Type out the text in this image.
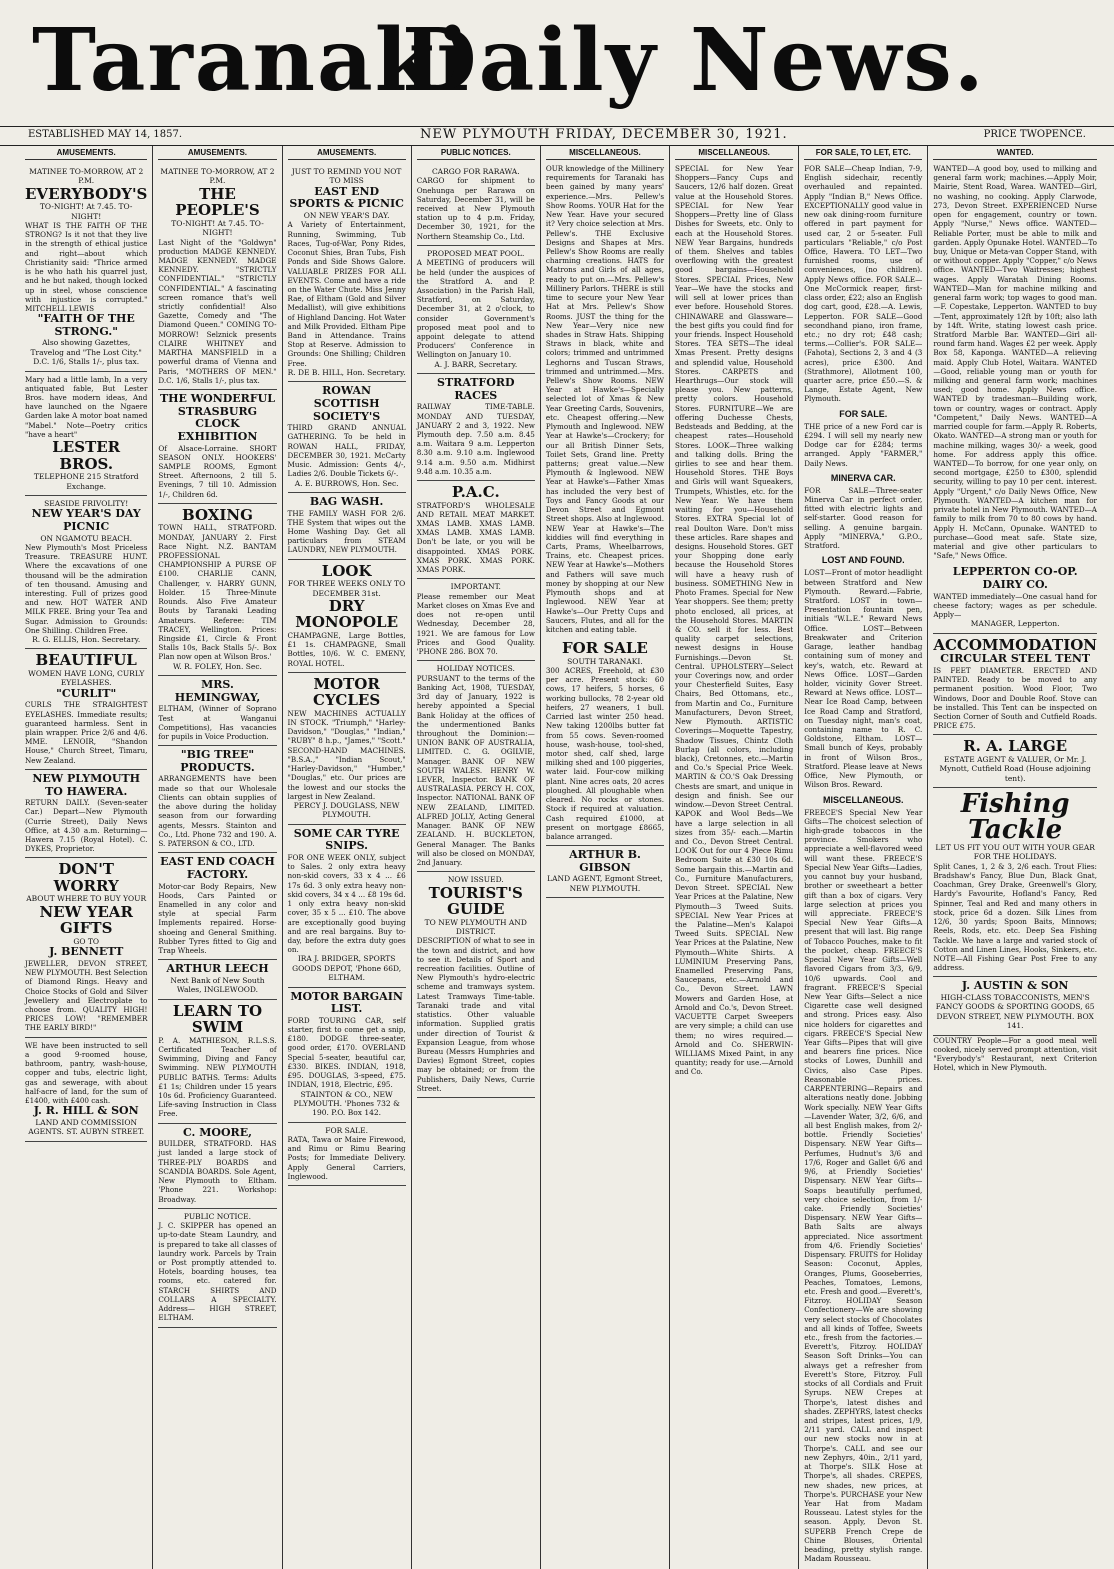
Taranaki
Daily News.
ESTABLISHED MAY 14, 1857.	NEW PLYMOUTH FRIDAY, DECEMBER 30, 1921.	PRICE TWOPENCE.
AMUSEMENTS.
MATINEE TO-MORROW, AT 2 P.M.
EVERYBODY'S
TO-NIGHT! At 7.45. TO-NIGHT!
WHAT IS THE FAITH OF THE STRONG? Is it not that they live in the strength of ethical justice and right—about which Christianity said: "Thrice armed is he who hath his quarrel just, and he but naked, though locked up in steel, whose conscience with injustice is corrupted." MITCHELL LEWIS
"FAITH OF THE STRONG."
Also showing Gazettes, Travelog and "The Lost City." D.C. 1/6, Stalls 1/-, plus tax.
Mary had a little lamb, In a very antiquated fable, But Lester Bros. have modern ideas, And have launched on the Ngaere Garden lake A motor boat named "Mabel." Note—Poetry critics "have a heart"
LESTER BROS.
TELEPHONE 215 Stratford Exchange.
SEASIDE FRIVOLITY!
NEW YEAR'S DAY PICNIC
ON NGAMOTU BEACH.
New Plymouth's Most Priceless Treasure. TREASURE HUNT. Where the excavations of one thousand will be the admiration of ten thousand. Amusing and interesting. Full of prizes good and new. HOT WATER AND MILK FREE. Bring your Tea and Sugar. Admission to Grounds: One Shilling. Children Free.
R. G. ELLIS, Hon. Secretary.
BEAUTIFUL
WOMEN HAVE LONG, CURLY EYELASHES.
"CURLIT"
CURLS THE STRAIGHTEST EYELASHES. Immediate results; guaranteed harmless. Sent in plain wrapper. Price 2/6 and 4/6. MME. LENOIR, "Shandon House," Church Street, Timaru, New Zealand.
NEW PLYMOUTH TO HAWERA.
RETURN DAILY. (Seven-seater Car.) Depart—New Plymouth (Currie Street), Daily News Office, at 4.30 a.m. Returning—Hawera 7.15 (Royal Hotel). C. DYKES, Proprietor.
DON'T WORRY
ABOUT WHERE TO BUY YOUR
NEW YEAR GIFTS
GO TO
J. BENNETT
JEWELLER, DEVON STREET, NEW PLYMOUTH. Best Selection of Diamond Rings. Heavy and Choice Stocks of Gold and Silver Jewellery and Electroplate to choose from. QUALITY HIGH! PRICES LOW! "REMEMBER THE EARLY BIRD!"
WE have been instructed to sell a good 9-roomed house, bathroom, pantry, wash-house, copper and tubs, electric light, gas and sewerage, with about half-acre of land, for the sum of £1400, with £400 cash.
J. R. HILL & SON
LAND AND COMMISSION AGENTS. ST. AUBYN STREET.
AMUSEMENTS.
MATINEE TO-MORROW, AT 2 P.M.
THE PEOPLE'S
TO-NIGHT! At 7.45. TO-NIGHT!
Last Night of the "Goldwyn" production MADGE KENNEDY. MADGE KENNEDY. MADGE KENNEDY. "STRICTLY CONFIDENTIAL." "STRICTLY CONFIDENTIAL." A fascinating screen romance that's well strictly confidential! Also Gazette, Comedy and "The Diamond Queen." COMING TO-MORROW! Selznick presents CLAIRE WHITNEY and MARTHA MANSFIELD in a powerful drama of Vienna and Paris, "MOTHERS OF MEN." D.C. 1/6, Stalls 1/-, plus tax.
THE WONDERFUL STRASBURG CLOCK EXHIBITION
Of Alsace-Lorraine. SHORT SEASON ONLY. HOOKERS' SAMPLE ROOMS, Egmont Street. Afternoons, 2 till 5. Evenings, 7 till 10. Admission 1/-, Children 6d.
BOXING
TOWN HALL, STRATFORD. MONDAY, JANUARY 2. First Race Night. N.Z. BANTAM PROFESSIONAL CHAMPIONSHIP A PURSE OF £100. CHARLIE CANN, Challenger, v. HARRY GUNN, Holder. 15 Three-Minute Rounds. Also Five Amateur Bouts by Taranaki Leading Amateurs. Referee: TIM TRACEY, Wellington. Prices: Ringside £1, Circle & Front Stalls 10s, Back Stalls 5/-. Box Plan now open at Wilson Bros.'
W. R. FOLEY, Hon. Sec.
MRS. HEMINGWAY,
ELTHAM, (Winner of Soprano Test at Wanganui Competitions), Has vacancies for pupils in Voice Production.
"BIG TREE" PRODUCTS.
ARRANGEMENTS have been made so that our Wholesale Clients can obtain supplies of the above during the holiday season from our forwarding agents, Messrs. Stainton and Co., Ltd. Phone 732 and 190. A. S. PATERSON & CO., LTD.
EAST END COACH FACTORY.
Motor-car Body Repairs, New Hoods, Cars Painted or Enamelled in any color and style at special Farm Implements repaired. Horse-shoeing and General Smithing. Rubber Tyres fitted to Gig and Trap Wheels.
ARTHUR LEECH
Next Bank of New South Wales, INGLEWOOD.
LEARN TO SWIM
P. A. MATHIESON, R.L.S.S. Certificated Teacher of Swimming, Diving and Fancy Swimming. NEW PLYMOUTH PUBLIC BATHS. Terms: Adults £1 1s; Children under 15 years 10s 6d. Proficiency Guaranteed. Life-saving Instruction in Class Free.
C. MOORE,
BUILDER, STRATFORD. HAS just landed a large stock of THREE-PLY BOARDS and SCANDIA BOARDS. Sole Agent, New Plymouth to Eltham. 'Phone 221. Workshop: Broadway.
PUBLIC NOTICE.
J. C. SKIPPER has opened an up-to-date Steam Laundry, and is prepared to take all classes of laundry work. Parcels by Train or Post promptly attended to. Hotels, boarding houses, tea rooms, etc. catered for. STARCH SHIRTS AND COLLARS A SPECIALTY. Address— HIGH STREET, ELTHAM.
AMUSEMENTS.
JUST TO REMIND YOU NOT TO MISS
EAST END SPORTS & PICNIC
ON NEW YEAR'S DAY.
A Variety of Entertainment, Running, Swimming, Tub Races, Tug-of-War, Pony Rides, Coconut Shies, Bran Tubs, Fish Ponds and Side Shows Galore. VALUABLE PRIZES FOR ALL EVENTS. Come and have a ride on the Water Chute. Miss Jenny Rae, of Eltham (Gold and Silver Medallist), will give exhibitions of Highland Dancing. Hot Water and Milk Provided. Eltham Pipe Band in Attendance. Trains Stop at Reserve. Admission to Grounds: One Shilling; Children Free.
R. DE B. HILL, Hon. Secretary.
ROWAN SCOTTISH SOCIETY'S
THIRD GRAND ANNUAL GATHERING. To be held in ROWAN HALL, FRIDAY, DECEMBER 30, 1921. McCarty Music. Admission: Gents 4/-, Ladies 2/6. Double Tickets 6/-.
A. E. BURROWS, Hon. Sec.
BAG WASH.
THE FAMILY WASH FOR 2/6. THE System that wipes out the Home Washing Day. Get all particulars from STEAM LAUNDRY, NEW PLYMOUTH.
LOOK
FOR THREE WEEKS ONLY TO DECEMBER 31st.
DRY MONOPOLE
CHAMPAGNE, Large Bottles, £1 1s. CHAMPAGNE, Small Bottles, 10/6. W. C. EMENY, ROYAL HOTEL.
MOTOR CYCLES
NEW MACHINES ACTUALLY IN STOCK. "Triumph," "Harley-Davidson," "Douglas," "Indian," "RUBY" 8 h.p., "James," "Scott." SECOND-HAND MACHINES. "B.S.A.," "Indian Scout," "Harley-Davidson," "Humber," "Douglas," etc. Our prices are the lowest and our stocks the largest in New Zealand.
PERCY J. DOUGLASS, NEW PLYMOUTH.
SOME CAR TYRE SNIPS.
FOR ONE WEEK ONLY, subject to Sales. 2 only extra heavy non-skid covers, 33 x 4 ... £6 17s 6d. 3 only extra heavy non-skid covers, 34 x 4 ... £8 19s 6d. 1 only extra heavy non-skid cover, 35 x 5 ... £10. The above are exceptionally good buying and are real bargains. Buy to-day, before the extra duty goes on.
IRA J. BRIDGER, SPORTS GOODS DEPOT, 'Phone 66D, ELTHAM.
MOTOR BARGAIN LIST.
FORD TOURING CAR, self starter, first to come get a snip, £180. DODGE three-seater, good order, £170. OVERLAND Special 5-seater, beautiful car, £330. BIKES. INDIAN, 1918, £95. DOUGLAS, 3-speed, £75. INDIAN, 1918, Electric, £95.
STAINTON & CO., NEW PLYMOUTH. 'Phones 732 & 190. P.O. Box 142.
FOR SALE.
RATA, Tawa or Maire Firewood, and Rimu or Rimu Bearing Posts; for Immediate Delivery. Apply General Carriers, Inglewood.
PUBLIC NOTICES.
CARGO FOR RARAWA.
CARGO for shipment to Onehunga per Rarawa on Saturday, December 31, will be received at New Plymouth station up to 4 p.m. Friday, December 30, 1921, for the Northern Steamship Co., Ltd.
PROPOSED MEAT POOL.
A MEETING of producers will be held (under the auspices of the Stratford A. and P. Association) in the Parish Hall, Stratford, on Saturday, December 31, at 2 o'clock, to consider Government's proposed meat pool and to appoint delegate to attend Producers' Conference in Wellington on January 10.
A. J. BARR, Secretary.
STRATFORD RACES
RAILWAY TIME-TABLE. MONDAY AND TUESDAY, JANUARY 2 and 3, 1922. New Plymouth dep. 7.50 a.m. 8.45 a.m. Waitara 9 a.m. Lepperton 8.30 a.m. 9.10 a.m. Inglewood 9.14 a.m. 9.50 a.m. Midhirst 9.48 a.m. 10.35 a.m.
P.A.C.
STRATFORD'S WHOLESALE AND RETAIL MEAT MARKET. XMAS LAMB. XMAS LAMB. XMAS LAMB. XMAS LAMB. Don't be late, or you will be disappointed. XMAS PORK. XMAS PORK. XMAS PORK. XMAS PORK.
IMPORTANT.
Please remember our Meat Market closes on Xmas Eve and does not re-open until Wednesday, December 28, 1921. We are famous for Low Prices and Good Quality. 'PHONE 286. BOX 70.
HOLIDAY NOTICES.
PURSUANT to the terms of the Banking Act, 1908, TUESDAY, 3rd day of January, 1922 is hereby appointed a Special Bank Holiday at the offices of the undermentioned Banks throughout the Dominion:— UNION BANK OF AUSTRALIA, LIMITED. C. G. OGILVIE, Manager. BANK OF NEW SOUTH WALES. HENRY W. LEVER, Inspector. BANK OF AUSTRALASIA. PERCY H. COX, Inspector. NATIONAL BANK OF NEW ZEALAND, LIMITED. ALFRED JOLLY, Acting General Manager. BANK OF NEW ZEALAND. H. BUCKLETON, General Manager. The Banks will also be closed on MONDAY, 2nd January.
NOW ISSUED.
TOURIST'S GUIDE
TO NEW PLYMOUTH AND DISTRICT.
DESCRIPTION of what to see in the town and district, and how to see it. Details of Sport and recreation facilities. Outline of New Plymouth's hydro-electric scheme and tramways system. Latest Tramways Time-table. Taranaki trade and vital statistics. Other valuable information. Supplied gratis under direction of Tourist & Expansion League, from whose Bureau (Messrs Humphries and Davies) Egmont Street, copies may be obtained; or from the Publishers, Daily News, Currie Street.
MISCELLANEOUS.

OUR knowledge of the Millinery requirements for Taranaki has been gained by many years' experience.—Mrs. Pellew's Show Rooms. YOUR Hat for the New Year. Have your secured it? Very choice selection at Mrs. Pellew's. THE Exclusive Designs and Shapes at Mrs. Pellew's Show Rooms are really charming creations. HATS for Matrons and Girls of all ages, ready to put on.—Mrs. Pellew's Millinery Parlors. THERE is still time to secure your New Year Hat at Mrs. Pellew's Show Rooms. JUST the thing for the New Year—Very nice new shades in Straw Hats. Shipping Straws in black, white and colors; trimmed and untrimmed Leghorns and Tuscan Straws, trimmed and untrimmed.—Mrs. Pellew's Show Rooms. NEW Year at Hawke's—Specially selected lot of Xmas & New Year Greeting Cards, Souvenirs, etc. Cheapest offering.—New Plymouth and Inglewood. NEW Year at Hawke's—Crockery; for our all British Dinner Sets, Toilet Sets, Grand line. Pretty patterns; great value.—New Plymouth & Inglewood. NEW Year at Hawke's—Father Xmas has included the very best of Toys and Fancy Goods at our Devon Street and Egmont Street shops. Also at Inglewood. NEW Year at Hawke's—The kiddies will find everything in Carts, Prams, Wheelbarrows, Trains, etc. Cheapest prices. NEW Year at Hawke's—Mothers and Fathers will save much money by shopping at our New Plymouth shops and at Inglewood. NEW Year at Hawke's—Our Pretty Cups and Saucers, Flutes, and all for the kitchen and eating table.

FOR SALE
SOUTH TARANAKI.
300 ACRES, Freehold, at £30 per acre. Present stock: 60 cows, 17 heifers, 5 horses, 6 working bullocks, 78 2-year old heifers, 27 weaners, 1 bull. Carried last winter 250 head. New taking 1200lbs butter fat from 55 cows. Seven-roomed house, wash-house, tool-shed, motor shed, calf shed, large milking shed and 100 piggeries, water laid. Four-cow milking plant. Nine acres oats, 20 acres ploughed. All ploughable when cleared. No rocks or stones. Stock if required at valuation. Cash required £1000, at present on mortgage £8665, balance arranged.
ARTHUR B. GIBSON
LAND AGENT, Egmont Street, NEW PLYMOUTH.
MISCELLANEOUS.

SPECIAL for New Year Shoppers—Fancy Cups and Saucers, 12/6 half dozen. Great value at the Household Stores. SPECIAL for New Year Shoppers—Pretty line of Glass Dishes for Sweets, etc. Only to each at the Household Stores. NEW Year Bargains, hundreds of them. Shelves and tables overflowing with the greatest good bargains—Household Stores. SPECIAL Prices, New Year—We have the stocks and will sell at lower prices than ever before. Household Stores. CHINAWARE and Glassware—the best gifts you could find for your friends. Inspect Household Stores. TEA SETS—The ideal Xmas Present. Pretty designs and splendid value, Household Stores. CARPETS and Hearthrugs—Our stock will please you. New patterns, pretty colors. Household Stores. FURNITURE—We are offering Duchesse Chests, Bedsteads and Bedding, at the cheapest rates—Household Stores. LOOK—Three walking and talking dolls. Bring the girlies to see and hear them. Household Stores. THE Boys and Girls will want Squeakers, Trumpets, Whistles, etc. for the New Year. We have them waiting for you—Household Stores. EXTRA Special lot of real Doulton Ware. Don't miss these articles. Rare shapes and designs. Household Stores. GET your Shopping done early because the Household Stores will have a heavy rush of business. SOMETHING New in Photo Frames. Special for New Year shoppers. See them; pretty photo enclosed, all prices, at the Household Stores. MARTIN & CO. sell it for less. Best quality carpet selections, newest designs in House Furnishings.—Devon St. Central. UPHOLSTERY—Select your Coverings now, and order your Chesterfield Suites, Easy Chairs, Bed Ottomans, etc., from Martin and Co., Furniture Manufacturers, Devon Street, New Plymouth. ARTISTIC Coverings—Moquette Tapestry, Shadow Tissues, Chintz Cloth Burlap (all colors, including black), Cretonnes, etc.—Martin and Co.'s Special Price Week. MARTIN & CO.'S Oak Dressing Chests are smart, and unique in design and finish. See our window.—Devon Street Central. KAPOK and Wool Beds—We have a large selection in all sizes from 35/- each.—Martin and Co., Devon Street Central. LOOK Out for our 4 Piece Rimu Bedroom Suite at £30 10s 6d. Some bargain this.—Martin and Co., Furniture Manufacturers, Devon Street. SPECIAL New Year Prices at the Palatine, New Plymouth—3 Tweed Suits. SPECIAL New Year Prices at the Palatine—Men's Kalapoi Tweed Suits. SPECIAL New Year Prices at the Palatine, New Plymouth—White Shirts. A LUMINIUM Preserving Pans, Enamelled Preserving Pans, Saucepans, etc.—Arnold and Co., Devon Street. LAWN Mowers and Garden Hose, at Arnold and Co.'s, Devon Street. VACUETTE Carpet Sweepers are very simple; a child can use them; no wires required.—Arnold and Co. SHERWIN-WILLIAMS Mixed Paint, in any quantity; ready for use.—Arnold and Co.

FOR SALE, TO LET, ETC.

FOR SALE—Cheap Indian, 7-9, English sidechair, recently overhauled and repainted. Apply "Indian B," News Office. EXCEPTIONALLY good value in new oak dining-room furniture offered in part payment for used car, 2 or 5-seater. Full particulars "Reliable," c/o Post Office, Hawera. TO LET—Two furnished rooms, use of conveniences, (no children). Apply News office. FOR SALE—One McCormick reaper, first-class order, £22; also an English dog cart, good, £28.—A. Lewis, Lepperton. FOR SALE—Good secondhand piano, iron frame, etc.; no dry rot; £48 cash; terms.—Collier's. FOR SALE—(Fahota), Sections 2, 3 and 4 (3 acres), price £300. And (Strathmore), Allotment 100, quarter acre, price £50.—S. & Lange, Estate Agent, New Plymouth.

FOR SALE.

THE price of a new Ford car is £294. I will sell my nearly new Dodge car for £284; terms arranged. Apply "FARMER," Daily News.

MINERVA CAR.

FOR SALE—Three-seater Minerva Car in perfect order, fitted with electric lights and self-starter. Good reason for selling. A genuine bargain. Apply "MINERVA," G.P.O., Stratford.

LOST AND FOUND.

LOST—Front of motor headlight between Stratford and New Plymouth. Reward.—Fabrie, Stratford. LOST in town—Presentation fountain pen, initials "W.L.E." Reward News Office. LOST—Between Breakwater and Criterion Garage, leather handbag containing sum of money and key's, watch, etc. Reward at News Office. LOST—Garden holder, vicinity Gover Street. Reward at News office. LOST—Near Ice Road Camp, between Ice Road Camp and Stratford, on Tuesday night, man's coat, containing name to R. C. Goldstone, Eltham. LOST—Small bunch of Keys, probably in front of Wilson Bros., Stratford. Please leave at News Office, New Plymouth, or Wilson Bros. Reward.

MISCELLANEOUS.

FREECE'S Special New Year Gifts—The choicest selection of high-grade tobaccos in the province. Smokers who appreciate a well-flavored weed will want these. FREECE'S Special New Year Gifts—Ladies, you cannot buy your husband, brother or sweetheart a better gift than a box of cigars. Very large selection at prices you will appreciate. FREECE'S Special New Year Gifts—A present that will last. Big range of Tobacco Pouches, make to fit the pocket, cheap. FREECE'S Special New Year Gifts—Well flavored Cigars from 3/3, 6/9, 10/6 upwards. Cool and fragrant. FREECE'S Special New Year Gifts—Select a nice Cigarette case well designed and strong. Prices easy. Also nice holders for cigarettes and cigars. FREECE'S Special New Year Gifts—Pipes that will give and bearers fine prices. Nice stocks of Lowes, Dunhill and Civics, also Case Pipes. Reasonable prices. CARPENTERING—Repairs and alterations neatly done. Jobbing Work specially. NEW Year Gifts—Lavender Water, 3/2, 6/6, and all best English makes, from 2/- bottle. Friendly Societies' Dispensary. NEW Year Gifts—Perfumes, Hudnut's 3/6 and 17/6, Roger and Gallet 6/6 and 9/6, at Friendly Societies' Dispensary. NEW Year Gifts—Soaps beautifully perfumed, very choice selection, from 1/- cake. Friendly Societies' Dispensary. NEW Year Gifts—Bath Salts are always appreciated. Nice assortment from 4/6. Friendly Societies' Dispensary. FRUITS for Holiday Season: Coconut, Apples, Oranges, Plums, Gooseberries, Peaches, Tomatoes, Lemons, etc. Fresh and good.—Everett's, Fitzroy. HOLIDAY Season Confectionery—We are showing very select stocks of Chocolates and all kinds of Toffee, Sweets etc., fresh from the factories.—Everett's, Fitzroy. HOLIDAY Season Soft Drinks—You can always get a refresher from Everett's Store, Fitzroy. Full stocks of all Cordials and Fruit Syrups. NEW Crepes at Thorpe's, latest dishes and shades. ZEPHYRS, latest checks and stripes, latest prices, 1/9, 2/11 yard. CALL and inspect our new stocks now in at Thorpe's. CALL and see our new Zephyrs, 40in., 2/11 yard, at Thorpe's. SILK Hose at Thorpe's, all shades. CREPES, new shades, new prices, at Thorpe's. PURCHASE your New Year Hat from Madam Rousseau. Latest styles for the season. Apply, Devon St. SUPERB French Crepe de Chine Blouses, Oriental beading, pretty stylish range. Madam Rousseau.

WANTED.

WANTED—A good boy, used to milking and general farm work; machines.—Apply Moir, Mairie, Stent Road, Warea. WANTED—Girl, no washing, no cooking. Apply Clarwode, 273, Devon Street. EXPERIENCED Nurse open for engagement, country or town. Apply "Nurse," News office. WANTED—Reliable Porter, must be able to milk and garden. Apply Opunake Hotel. WANTED—To buy, Unique or Meta-van Copper Stand, with or without copper. Apply "Copper," c/o News office. WANTED—Two Waitresses; highest wages. Apply Waratah Dining Rooms. WANTED—Man for machine milking and general farm work; top wages to good man.—F. Copestake, Lepperton. WANTED to buy—Tent, approximately 12ft by 10ft; also lath by 14ft. Write, stating lowest cash price. Stratford Marble Bar. WANTED—Girl all-round farm hand. Wages £2 per week. Apply Box 58, Kaponga. WANTED—A relieving maid. Apply Club Hotel, Waitara. WANTED—Good, reliable young man or youth for milking and general farm work; machines used; good home. Apply News office. WANTED by tradesman—Building work, town or country, wages or contract. Apply "Competent," Daily News. WANTED—A married couple for farm.—Apply R. Roberts, Okato. WANTED—A strong man or youth for machine milking, wages 30/- a week, good home. For address apply this office. WANTED—To borrow, for one year only, on second mortgage, £250 to £300, splendid security, willing to pay 10 per cent. interest. Apply "Urgent," c/o Daily News Office, New Plymouth. WANTED—A kitchen man for private hotel in New Plymouth. WANTED—A family to milk from 70 to 80 cows by hand. Apply H. McCann, Opunake. WANTED to purchase—Good meat safe. State size, material and give other particulars to "Safe," News Office.

LEPPERTON CO-OP. DAIRY CO.
WANTED immediately—One casual hand for cheese factory; wages as per schedule. Apply—
MANAGER, Lepperton.
ACCOMMODATION
CIRCULAR STEEL TENT
IS FEET DIAMETER. ERECTED AND PAINTED. Ready to be moved to any permanent position. Wood Floor, Two Windows, Door and Double Roof. Stove can be installed. This Tent can be inspected on Section Corner of South and Cutfield Roads. PRICE £75.
R. A. LARGE
ESTATE AGENT & VALUER, Or Mr. J. Mynott, Cutfield Road (House adjoining tent).
Fishing Tackle
LET US FIT YOU OUT WITH YOUR GEAR FOR THE HOLIDAYS.
Split Canes, 1, 2 & 3, 2/6 each. Trout Flies: Bradshaw's Fancy, Blue Dun, Black Gnat, Coachman, Grey Drake, Greenwell's Glory, Hardy's Favourite, Hofland's Fancy, Red Spinner, Teal and Red and many others in stock, price 6d a dozen. Silk Lines from 12/6, 30 yards; Spoon Baits, Minnows; Reels, Rods, etc. etc. Deep Sea Fishing Tackle. We have a large and varied stock of Cotton and Linen Lines, Hooks, Sinkers, etc. NOTE—All Fishing Gear Post Free to any address.
J. AUSTIN & SON
HIGH-CLASS TOBACCONISTS, MEN'S FANCY GOODS & SPORTING GOODS, 65 DEVON STREET, NEW PLYMOUTH. BOX 141.

COUNTRY People—For a good meal well cooked, nicely served prompt attention, visit "Everybody's" Restaurant, next Criterion Hotel, which in New Plymouth.
